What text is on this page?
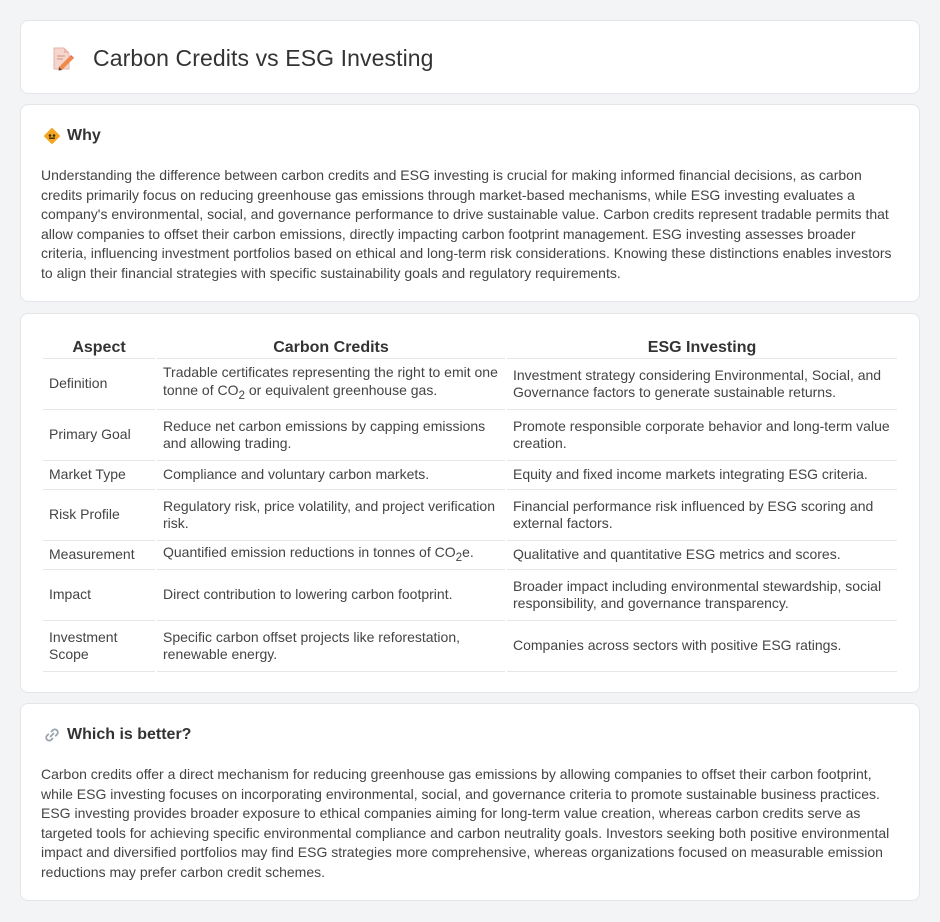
Carbon Credits vs ESG Investing
Why

Understanding the difference between carbon credits and ESG investing is crucial for making informed financial decisions, as carbon credits primarily focus on reducing greenhouse gas emissions through market-based mechanisms, while ESG investing evaluates a company's environmental, social, and governance performance to drive sustainable value. Carbon credits represent tradable permits that allow companies to offset their carbon emissions, directly impacting carbon footprint management. ESG investing assesses broader criteria, influencing investment portfolios based on ethical and long-term risk considerations. Knowing these distinctions enables investors to align their financial strategies with specific sustainability goals and regulatory requirements.

Aspect	Carbon Credits	ESG Investing
Definition	Tradable certificates representing the right to emit one tonne of $CO_2$ or equivalent greenhouse gas.	Investment strategy considering Environmental, Social, and Governance factors to generate sustainable returns.
Primary Goal	Reduce net carbon emissions by capping emissions and allowing trading.	Promote responsible corporate behavior and long-term value creation.
Market Type	Compliance and voluntary carbon markets.	Equity and fixed income markets integrating ESG criteria.
Risk Profile	Regulatory risk, price volatility, and project verification risk.	Financial performance risk influenced by ESG scoring and external factors.
Measurement	Quantified emission reductions in tonnes of $CO_2e$.	Qualitative and quantitative ESG metrics and scores.
Impact	Direct contribution to lowering carbon footprint.	Broader impact including environmental stewardship, social responsibility, and governance transparency.
Investment Scope	Specific carbon offset projects like reforestation, renewable energy.	Companies across sectors with positive ESG ratings.
Which is better?

Carbon credits offer a direct mechanism for reducing greenhouse gas emissions by allowing companies to offset their carbon footprint, while ESG investing focuses on incorporating environmental, social, and governance criteria to promote sustainable business practices. ESG investing provides broader exposure to ethical companies aiming for long-term value creation, whereas carbon credits serve as targeted tools for achieving specific environmental compliance and carbon neutrality goals. Investors seeking both positive environmental impact and diversified portfolios may find ESG strategies more comprehensive, whereas organizations focused on measurable emission reductions may prefer carbon credit schemes.
